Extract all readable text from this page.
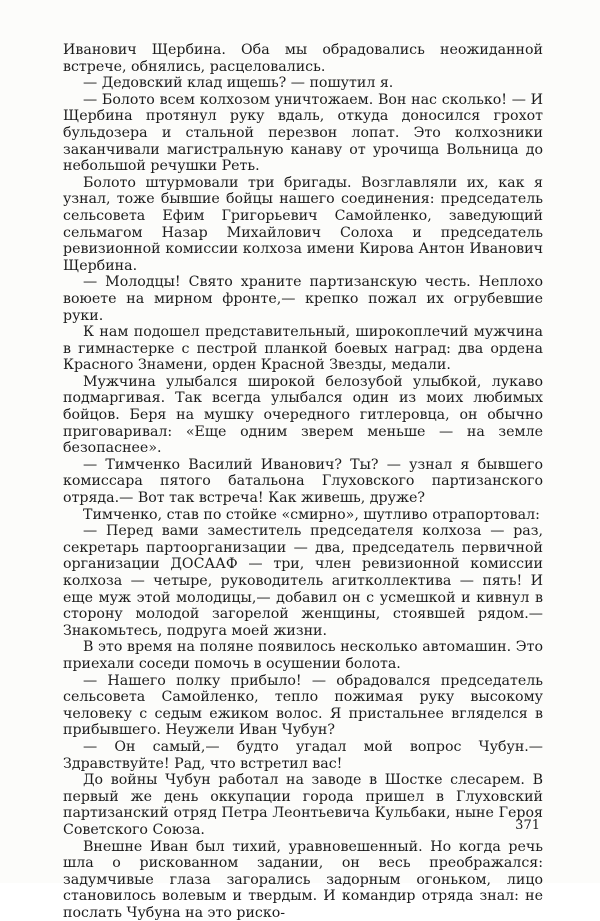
Иванович Щербина. Оба мы обрадовались неожиданной встрече, обнялись, расцеловались.

— Дедовский клад ищешь? — пошутил я.

— Болото всем колхозом уничтожаем. Вон нас сколько! — И Щербина протянул руку вдаль, откуда доносился грохот бульдозера и стальной перезвон лопат. Это колхозники заканчивали магистральную канаву от урочища Вольница до небольшой речушки Реть.

Болото штурмовали три бригады. Возглавляли их, как я узнал, тоже бывшие бойцы нашего соединения: председатель сельсовета Ефим Григорьевич Самойленко, заведующий сельмагом Назар Михайлович Солоха и председатель ревизионной комиссии колхоза имени Кирова Антон Иванович Щербина.

— Молодцы! Свято храните партизанскую честь. Неплохо воюете на мирном фронте,— крепко пожал их огрубевшие руки.

К нам подошел представительный, широкоплечий мужчина в гимнастерке с пестрой планкой боевых наград: два ордена Красного Знамени, орден Красной Звезды, медали.

Мужчина улыбался широкой белозубой улыбкой, лукаво подмаргивая. Так всегда улыбался один из моих любимых бойцов. Беря на мушку очередного гитлеровца, он обычно приговаривал: «Еще одним зверем меньше — на земле безопаснее».

— Тимченко Василий Иванович? Ты? — узнал я бывшего комиссара пятого батальона Глуховского партизанского отряда.— Вот так встреча! Как живешь, друже?

Тимченко, став по стойке «смирно», шутливо отрапортовал:

— Перед вами заместитель председателя колхоза — раз, секретарь партоорганизации — два, председатель первичной организации ДОСААФ — три, член ревизионной комиссии колхоза — четыре, руководитель агитколлектива — пять! И еще муж этой молодицы,— добавил он с усмешкой и кивнул в сторону молодой загорелой женщины, стоявшей рядом.— Знакомьтесь, подруга моей жизни.

В это время на поляне появилось несколько автомашин. Это приехали соседи помочь в осушении болота.

— Нашего полку прибыло! — обрадовался председатель сельсовета Самойленко, тепло пожимая руку высокому человеку с седым ежиком волос. Я пристальнее вгляделся в прибывшего. Неужели Иван Чубун?

— Он самый,— будто угадал мой вопрос Чубун.— Здравствуйте! Рад, что встретил вас!

До войны Чубун работал на заводе в Шостке слесарем. В первый же день оккупации города пришел в Глуховский партизанский отряд Петра Леонтьевича Кульбаки, ныне Героя Советского Союза.

Внешне Иван был тихий, уравновешенный. Но когда речь шла о рискованном задании, он весь преображался: задумчивые глаза загорались задорным огоньком, лицо становилось волевым и твердым. И командир отряда знал: не послать Чубуна на это риско-

371
